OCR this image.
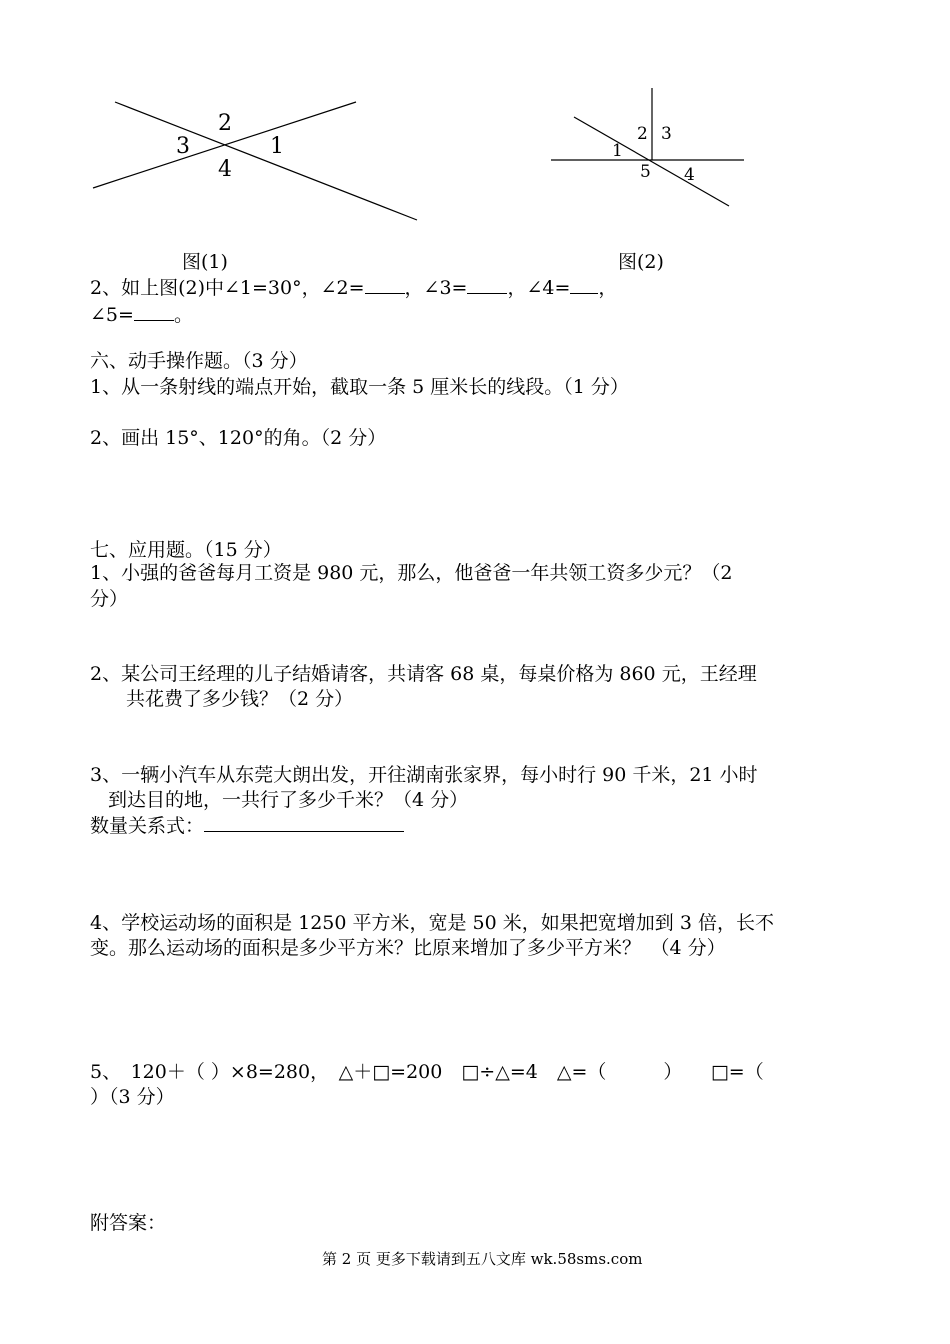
2
3	1
4
图(1)
2 3
1
5 4
图(2)
2、如上图(2)中∠1=30°，∠2= ，∠3= ，∠4= ，
∠5= 。
六、动手操作题。（3 分）
1、从一条射线的端点开始，截取一条 5 厘米长的线段。（1 分）
2、画出 15°、120°的角。（2 分）
七、应用题。（15 分）
1、小强的爸爸每月工资是 980 元，那么，他爸爸一年共领工资多少元？（2
分）
2、某公司王经理的儿子结婚请客，共请客 68 桌，每桌价格为 860 元，王经理
共花费了多少钱？（2 分）
3、一辆小汽车从东莞大朗出发，开往湖南张家界，每小时行 90 千米，21 小时
到达目的地，一共行了多少千米？（4 分）
数量关系式：
4、学校运动场的面积是 1250 平方米，宽是 50 米，如果把宽增加到 3 倍，长不
变。那么运动场的面积是多少平方米？比原来增加了多少平方米？　（4 分）
5、　120＋（ ）×8=280，　△＋□=200　□÷△=4　△=（　　　）　　□=（
）（3 分）
附答案：
第 2 页 更多下载请到五八文库 wk.58sms.com
